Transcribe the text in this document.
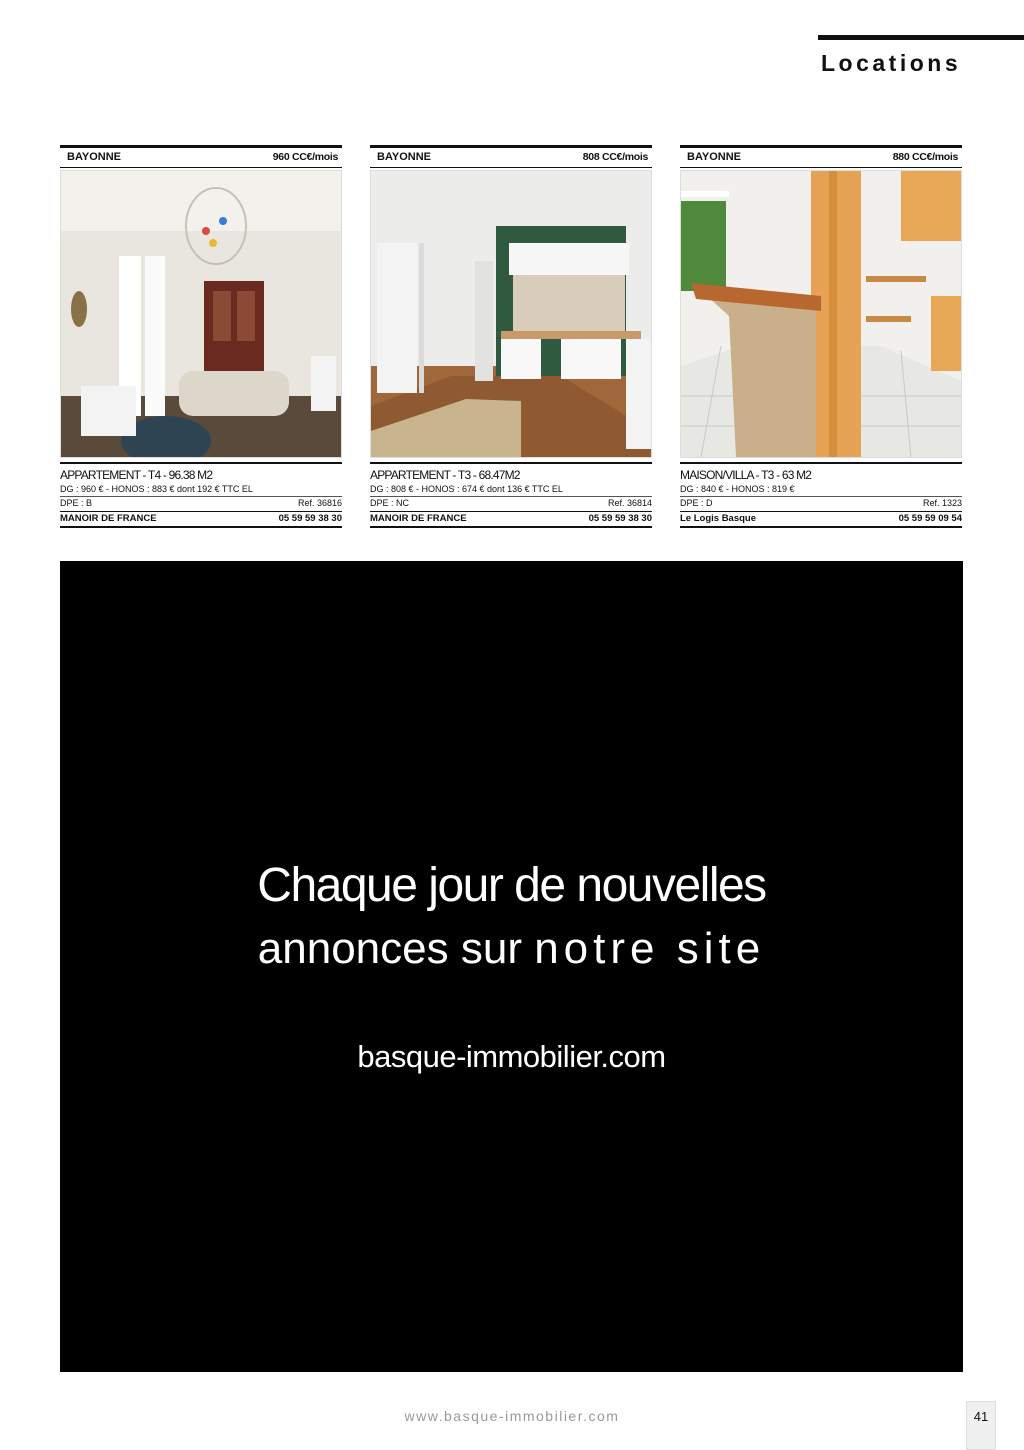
Locations
BAYONNE	960 CC€/mois
APPARTEMENT - T4 - 96.38 M2
DG : 960 € - HONOS : 883 € dont 192 € TTC EL
DPE : B	Ref. 36816
MANOIR DE FRANCE	05 59 59 38 30
BAYONNE	808 CC€/mois
APPARTEMENT - T3 - 68.47M2
DG : 808 € - HONOS : 674 € dont 136 € TTC EL
DPE : NC	Ref. 36814
MANOIR DE FRANCE	05 59 59 38 30
BAYONNE	880 CC€/mois
MAISON/VILLA - T3 - 63 M2
DG : 840 € - HONOS : 819 €
DPE : D	Ref. 1323
Le Logis Basque	05 59 59 09 54
Chaque jour de nouvelles
annonces sur notre site
basque-immobilier.com
www.basque-immobilier.com	41
